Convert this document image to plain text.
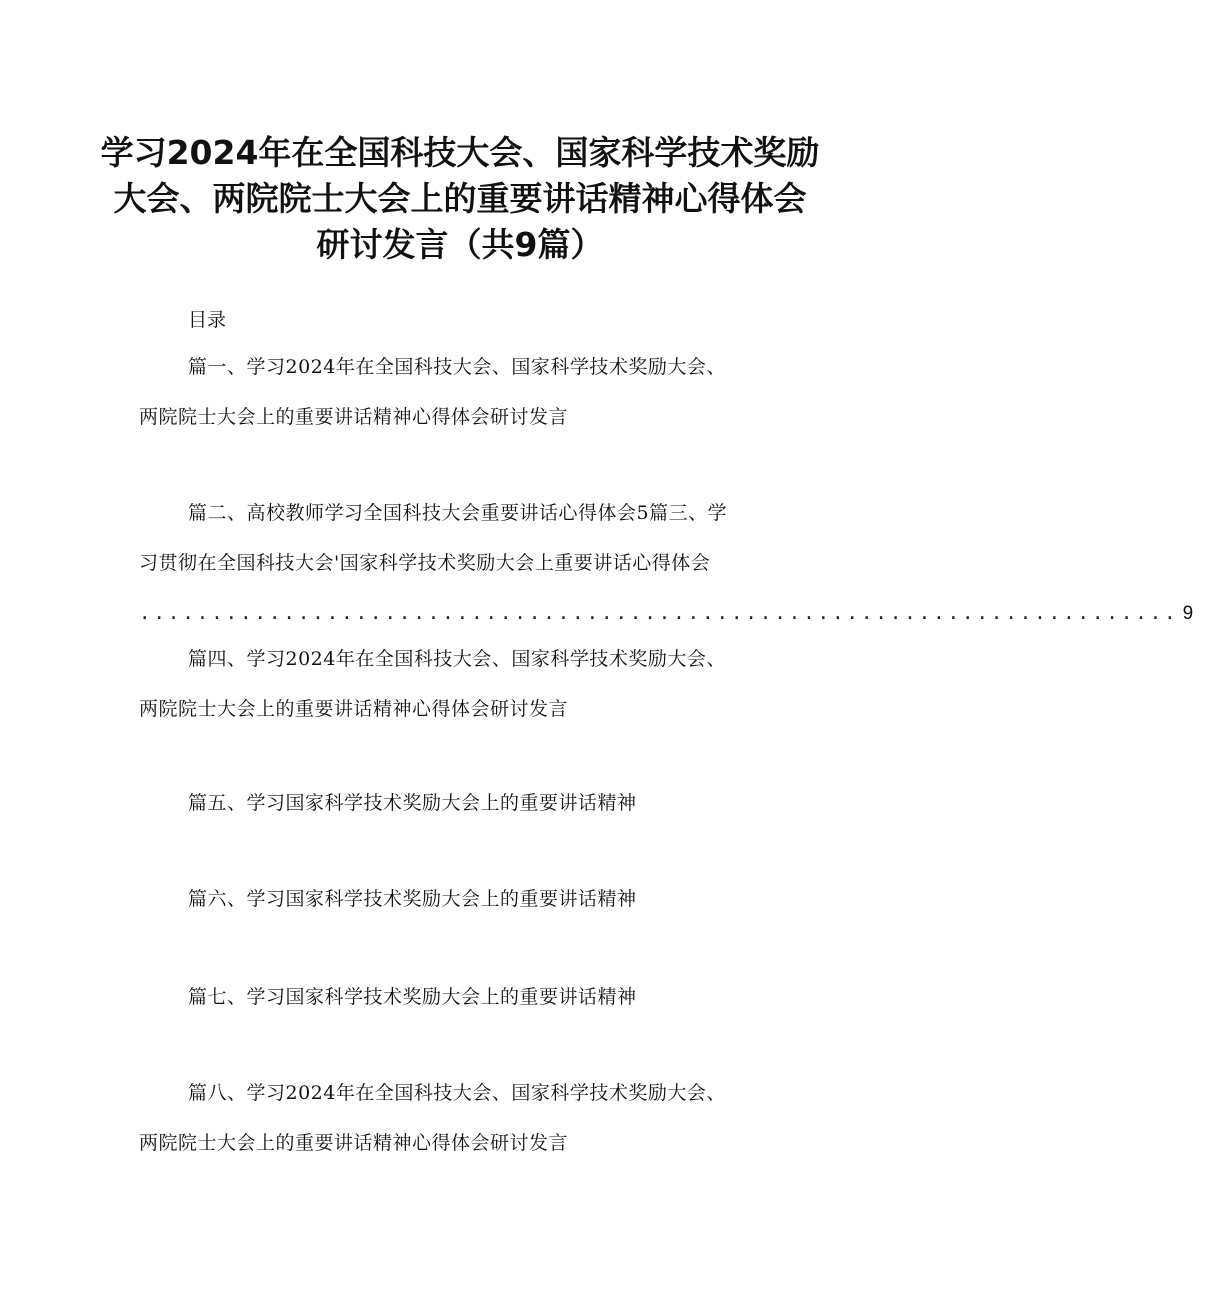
学习2024年在全国科技大会、国家科学技术奖励大会、两院院士大会上的重要讲话精神心得体会研讨发言（共9篇）

目录

篇一、学习2024年在全国科技大会、国家科学技术奖励大会、
两院院士大会上的重要讲话精神心得体会研讨发言
篇二、高校教师学习全国科技大会重要讲话心得体会5篇三、学
习贯彻在全国科技大会'国家科学技术奖励大会上重要讲话心得体会
........................................................................ 9
篇四、学习2024年在全国科技大会、国家科学技术奖励大会、
两院院士大会上的重要讲话精神心得体会研讨发言
篇五、学习国家科学技术奖励大会上的重要讲话精神
篇六、学习国家科学技术奖励大会上的重要讲话精神
篇七、学习国家科学技术奖励大会上的重要讲话精神
篇八、学习2024年在全国科技大会、国家科学技术奖励大会、
两院院士大会上的重要讲话精神心得体会研讨发言
